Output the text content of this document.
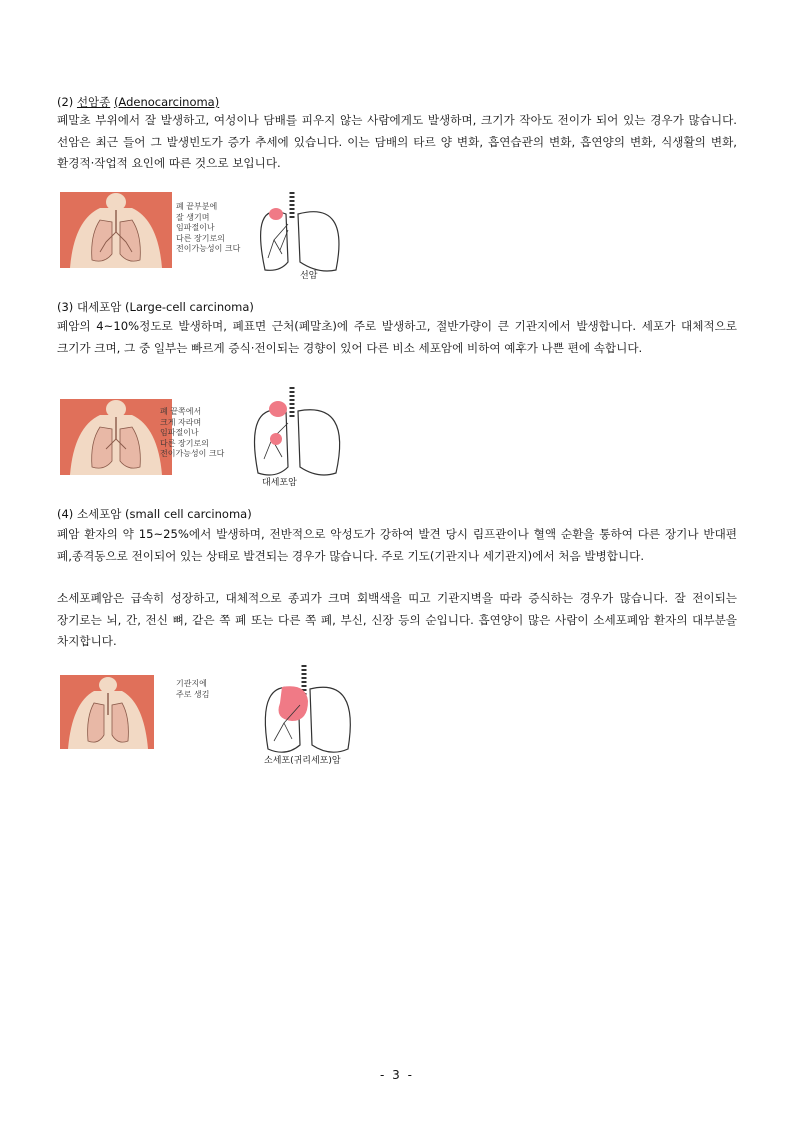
(2) 선암종 (Adenocarcinoma)
폐말초 부위에서 잘 발생하고, 여성이나 담배를 피우지 않는 사람에게도 발생하며, 크기가 작아도 전이가 되어 있는 경우가 많습니다. 선암은 최근 들어 그 발생빈도가 증가 추세에 있습니다. 이는 담배의 타르 양 변화, 흡연습관의 변화, 흡연양의 변화, 식생활의 변화, 환경적·작업적 요인에 따른 것으로 보입니다.
폐 끝부분에
잘 생기며
임파절이나
다른 장기로의
전이가능성이 크다
선암
(3) 대세포암 (Large-cell carcinoma)
폐암의 4~10%정도로 발생하며, 폐표면 근처(폐말초)에 주로 발생하고, 절반가량이 큰 기관지에서 발생합니다. 세포가 대체적으로 크기가 크며, 그 중 일부는 빠르게 증식·전이되는 경향이 있어 다른 비소 세포암에 비하여 예후가 나쁜 편에 속합니다.
폐 끝쪽에서
크게 자라며
임파절이나
다른 장기로의
전이가능성이 크다
대세포암
(4) 소세포암 (small cell carcinoma)
폐암 환자의 약 15~25%에서 발생하며, 전반적으로 악성도가 강하여 발견 당시 림프관이나 혈액 순환을 통하여 다른 장기나 반대편 폐,종격동으로 전이되어 있는 상태로 발견되는 경우가 많습니다. 주로 기도(기관지나 세기관지)에서 처음 발병합니다.
소세포폐암은 급속히 성장하고, 대체적으로 종괴가 크며 회백색을 띠고 기관지벽을 따라 증식하는 경우가 많습니다. 잘 전이되는 장기로는 뇌, 간, 전신 뼈, 같은 쪽 폐 또는 다른 쪽 폐, 부신, 신장 등의 순입니다. 흡연양이 많은 사람이 소세포폐암 환자의 대부분을 차지합니다.
기관지에
주로 생김
소세포(귀리세포)암
- 3 -
